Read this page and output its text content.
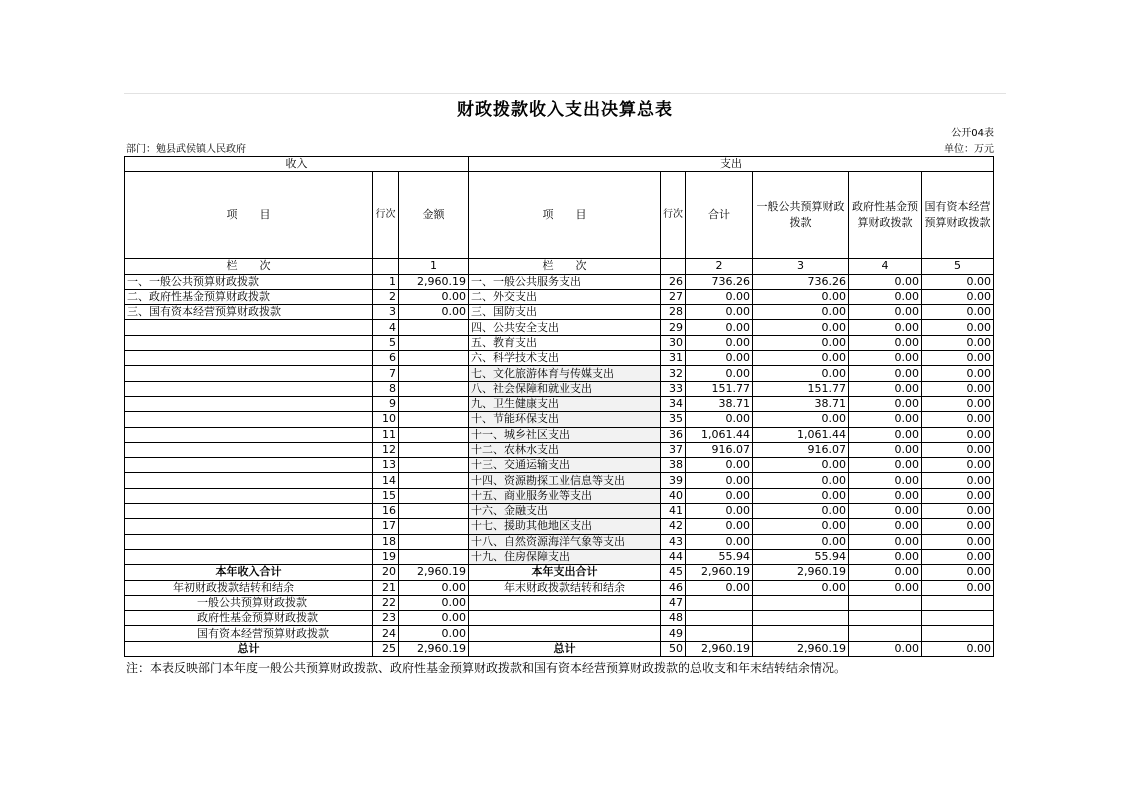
财政拨款收入支出决算总表
公开04表
部门：勉县武侯镇人民政府	单位：万元
收入			支出					
项　　目	行次	金额	项　　目	行次	合计	一般公共预算财政拨款	政府性基金预算财政拨款	国有资本经营预算财政拨款
栏　　次		1	栏　　次		2	3	4	5
一、一般公共预算财政拨款	1	2,960.19	一、一般公共服务支出	26	736.26	736.26	0.00	0.00
二、政府性基金预算财政拨款	2	0.00	二、外交支出	27	0.00	0.00	0.00	0.00
三、国有资本经营预算财政拨款	3	0.00	三、国防支出	28	0.00	0.00	0.00	0.00
	4		四、公共安全支出	29	0.00	0.00	0.00	0.00
	5		五、教育支出	30	0.00	0.00	0.00	0.00
	6		六、科学技术支出	31	0.00	0.00	0.00	0.00
	7		七、文化旅游体育与传媒支出	32	0.00	0.00	0.00	0.00
	8		八、社会保障和就业支出	33	151.77	151.77	0.00	0.00
	9		九、卫生健康支出	34	38.71	38.71	0.00	0.00
	10		十、节能环保支出	35	0.00	0.00	0.00	0.00
	11		十一、城乡社区支出	36	1,061.44	1,061.44	0.00	0.00
	12		十二、农林水支出	37	916.07	916.07	0.00	0.00
	13		十三、交通运输支出	38	0.00	0.00	0.00	0.00
	14		十四、资源勘探工业信息等支出	39	0.00	0.00	0.00	0.00
	15		十五、商业服务业等支出	40	0.00	0.00	0.00	0.00
	16		十六、金融支出	41	0.00	0.00	0.00	0.00
	17		十七、援助其他地区支出	42	0.00	0.00	0.00	0.00
	18		十八、自然资源海洋气象等支出	43	0.00	0.00	0.00	0.00
	19		十九、住房保障支出	44	55.94	55.94	0.00	0.00
本年收入合计	20	2,960.19	本年支出合计	45	2,960.19	2,960.19	0.00	0.00
年初财政拨款结转和结余	21	0.00	年末财政拨款结转和结余	46	0.00	0.00	0.00	0.00
一般公共预算财政拨款	22	0.00		47				
政府性基金预算财政拨款	23	0.00		48				
国有资本经营预算财政拨款	24	0.00		49				
总计	25	2,960.19	总计	50	2,960.19	2,960.19	0.00	0.00
注：本表反映部门本年度一般公共预算财政拨款、政府性基金预算财政拨款和国有资本经营预算财政拨款的总收支和年末结转结余情况。
